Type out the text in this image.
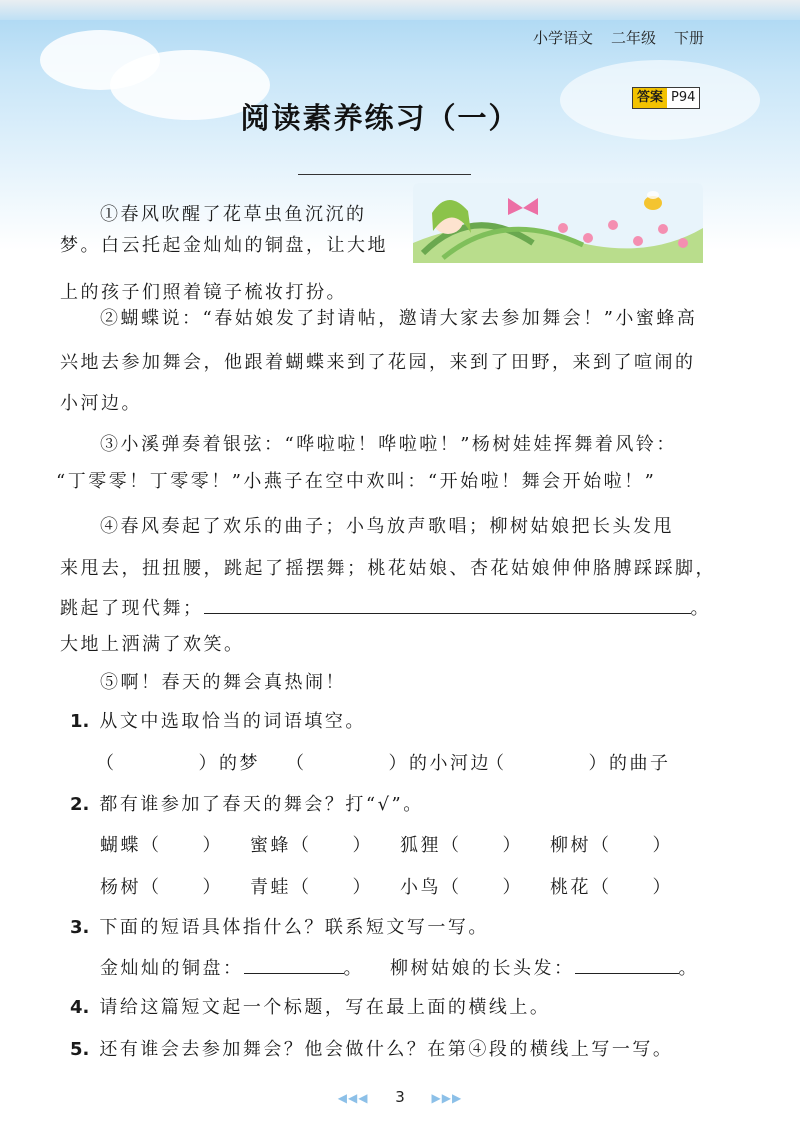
小学语文 二年级 下册
答案 P94
阅读素养练习（一）
①春风吹醒了花草虫鱼沉沉的
梦。白云托起金灿灿的铜盘，让大地
上的孩子们照着镜子梳妆打扮。
②蝴蝶说：“春姑娘发了封请帖，邀请大家去参加舞会！”小蜜蜂高
兴地去参加舞会，他跟着蝴蝶来到了花园，来到了田野，来到了喧闹的
小河边。
③小溪弹奏着银弦：“哗啦啦！哗啦啦！”杨树娃娃挥舞着风铃：
“丁零零！丁零零！”小燕子在空中欢叫：“开始啦！舞会开始啦！”
④春风奏起了欢乐的曲子；小鸟放声歌唱；柳树姑娘把长头发甩
来甩去，扭扭腰，跳起了摇摆舞；桃花姑娘、杏花姑娘伸伸胳膊踩踩脚，
跳起了现代舞；	。
大地上洒满了欢笑。
⑤啊！春天的舞会真热闹！
1. 从文中选取恰当的词语填空。
（　　　　）的梦 （　　　　）的小河边
（　　　　）的曲子
2. 都有谁参加了春天的舞会？打“√”。
蝴蝶（　　） 蜜蜂（　　） 狐狸（　　） 柳树（　　）
杨树（　　） 青蛙（　　） 小鸟（　　） 桃花（　　）
3. 下面的短语具体指什么？联系短文写一写。
金灿灿的铜盘：	。 柳树姑娘的长头发：	。
4. 请给这篇短文起一个标题，写在最上面的横线上。
5. 还有谁会去参加舞会？他会做什么？在第④段的横线上写一写。
◀◀◀ 3 ▶▶▶
